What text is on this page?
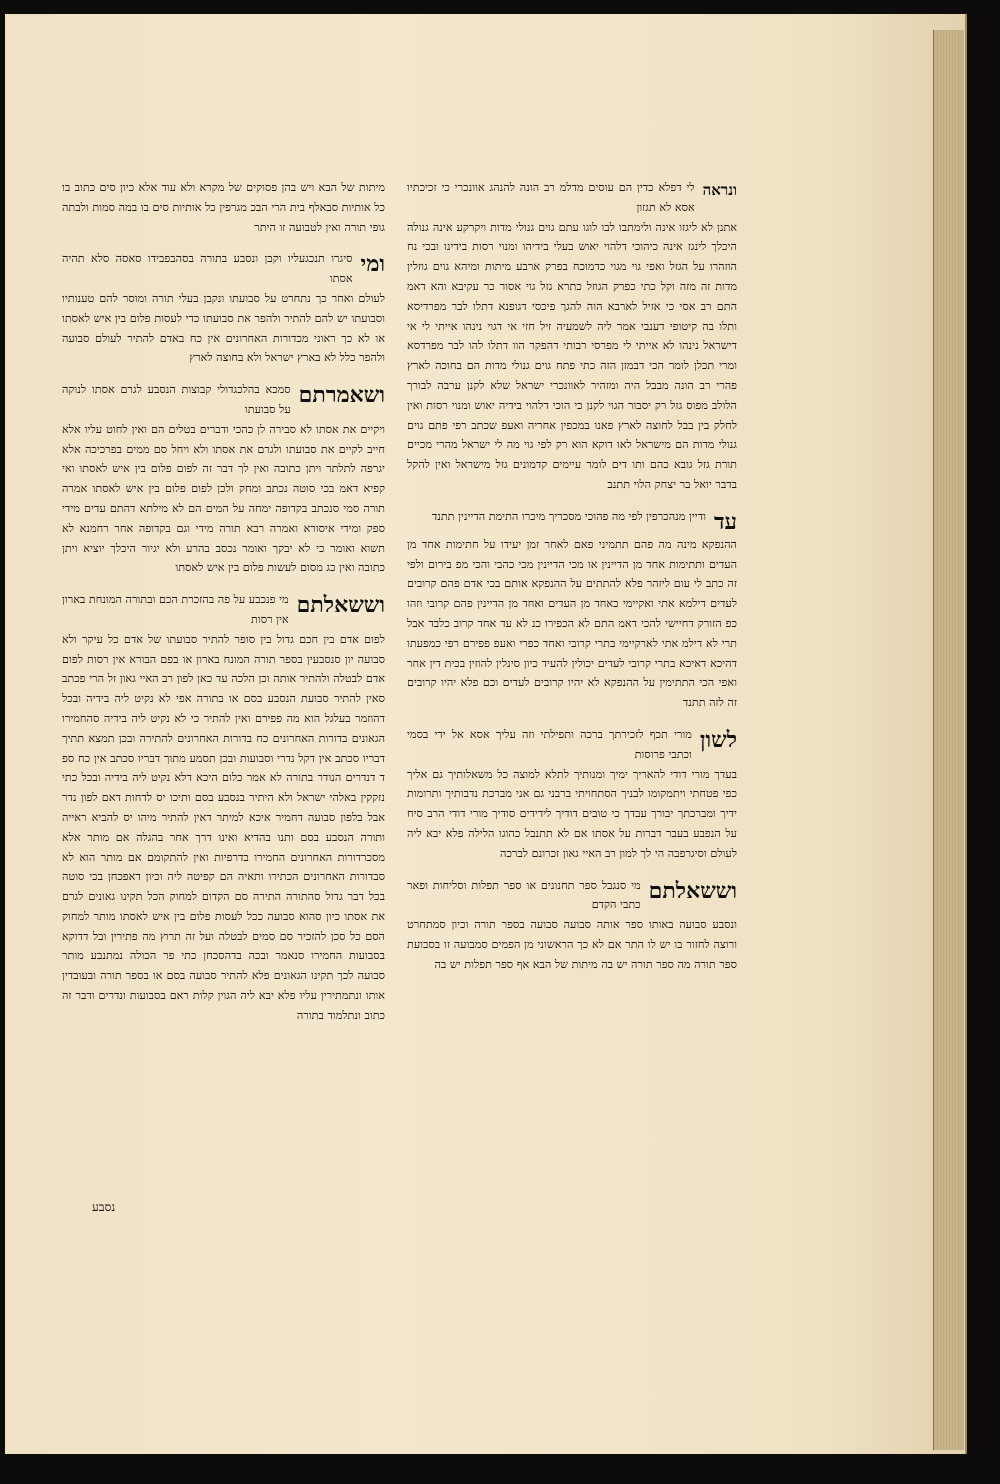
ונראה

לי דפלא כדין הם עוסים מדלמ רב הונה להנהג אוונכרי כי זכיכתיו אסא לא תגזון

אתנן לא ליגזו אינה ולימתבו לבו לוגו עתם גוים גנולי מדות ויקרקע אינה גנולה היכלך לינגז אינה כיהוכי דלהוי יאוש בעלי בידיהו ומנוי רסות בידינו ובכי נח הוזהרו על הגזל ואפי גוי מגוי כדמוכח בפרק ארבע מיתות ומיהא גוים גוזלין מדות זה מזה וקל כתי כפרק הגוזל כתרא גזל גוי אסור כר עקיבא והא דאמ התם רב אסי כי אזיל לארבא הוה להגך פיכסי דגופנא דתלו לבר מפרדיסא ותלו בה קיטופי דענבי אמר ליה לשמעיה זיל חזי אי דגוי נינהו אייתי לי אי דישראל נינהו לא אייתי לי מפרסי רבותי דהפקר הוו דתלו להו לבר מפרדסא ומרי תכלן לומר הכי דבמזן הזה כתי פתח גוים גנולי מדות הם בחוכה לארץ פהרי רב הונה מבבל היה ומזהיר לאוונכרי ישראל שלא לקנן ערבה לבורך הלולב מפוס גזל רק יסבור הגוי לקנן כי הוכי דלהוי בידיה יאוש ומנוי רסות ואין לחלק בין בבל לחוצה לארץ פאנו במכפין אחריה ואעפ שכתב רפי פתם גוים גנולי מדות הם מישראל לאו דוקא הוא רק לפי גוי מה לי ישראל מהרי מכיים תורת גזל גובא כהם ותו דים לומר עיימים קדמונים גזל מישראל ואין להקל בדבר יואל בר יצחק הלוי תתנב

עד

ודיין מנהכרפין לפי מה פהוכי מסכריך מיכרו התימת הדיינין תתנד

ההנפקא מינה מה פהם תתמיני פאם לאחר זמן יעידו על חתימות אחד מן העדים ותתימות אחד מן הדיינין או מכי הדיינין מכי כהבי והכי מפ בירום ולפי זה כתב לי עום ליזהר פלא להתתים על ההנפקא אותם בכי אדם פהם קרובים לעדים דילמא אתי ואקיימי כאחד מן העדים ואחד מן הדיינין פהם קרובי וזהו כפ הזורק דחיישי להכי דאמ התם לא הכפירו כנ לא עד אחד קרוב כלבד אבל תרי לא דילמ אתי לארקיימי בתרי קרובי ואחד כפרי ואעפ פפירם רפי כמפעתו דהיכא דאיכא בתרי קרובי לעדים יכולין להעיד כיון סינלין להוזין בכית דין אחר ואפי הכי התתימין על ההנפקא לא יהיו קרובים לעדים וכם פלא יהיו קרובים זה לזה תתנד

לשון

מורי תכף לזכירתך ברכה ותפילתי וזה עליך אסא אל ידי בסמי וכתבי פרוסות

בעדך מורי דודי להאריך ימיך ומנותיך לתלא למוצה כל משאלותיך גם אליך כפי פטחתי ויתמקומו לבניך הסתחויתי ברבני גם אני מברכת נדבותיך ותרומות ידיך ומברכתך יבורך עבדך כי טובים דודיך לידידים סודיך מורי דודי הרב סיח על הנפבע בעבר דברות על אסתו אם לא תתנבל כהוגו הלילה פלא יבא ליה לעולם וסיגרפבה הי לך למון רב האיי גאון זכרונם לברכה

וששאלתם

מי סנגבל ספר תחנונים או ספר תפלות וסליחות ופאר כתבי הקדם

ונסבע סבועה באותו ספר אותה סבועה סבועה בספר תורה וכיון סמתחרט ורוצה לחזור בו יש לו התר אם לא כך הראשוני מן הפמים סמבועה זו בסבועת ספר תורה מה ספר תורה יש בה מיתות של הבא אף ספר תפלות יש בה

מיתות של הבא ויש בהן פסוקים של מקרא ולא עוד אלא כיון סים כתוב בו כל אותיות סבאלף בית הרי הבכ מגרפין כל אותיות סים בו במה סמות ולבתה גופי תורה ואין לטבועה זו היתר

ומי

סיגרו תנכגעליו וקבן ונסבע בתורה בסהבפבידו סאסה סלא תהיה אסתו

לעולם ואחר כך נתחרט על סבועתו ונקבן בעלי תורה ומוסר להם טענותיו וסבועתו יש להם להתיר ולהפר את סבועתו כדי לעסות פלום בין איש לאסתו או לא כך ראוני מכדורות האחרונים אין כח באדם להתיר לעולם סבועה ולהפר כלל לא בארץ ישראל ולא בחוצה לארץ

ושאמרתם

סמכא בהלכגדולי קבוצות הנסבע לגרם אסתו לנוקה על סבועתו

ויקיים את אסתו לא סבירה לן כהכי ודברים בטלים הם ואין לחוט עליו אלא חייב לקיים את סבועתו ולגרם את אסתו ולא ויחל סם ממים בפרכיכה אלא יגרפה לתלתר ויתן כתובה ואין לך דבר זה לפום פלום בין איש לאסתו ואי קפיא דאמ בכי סוטה נכתב ומחק ולכן לפום פלום בין איש לאסתו אמרה תורה סמי סנכתב בקדופה ימחה על המים הם לא מילתא דהתם עדים מידי ספק ומידי איסורא ואמרה רבא תורה מידי וגם בקדופה אחר רחמנא לא תשוא ואומר כי לא יבקך ואומר נכסב בהרע ולא יגיור היכלך יוציא ויתן כתובה ואין כג מסום לעשות פלום בין איש לאסתו

וששאלתם

מי פנכבע על פה בהזכרת הכם ובתורה המונחת בארון אין רסות

לפום אדם בין חכם גדול בין סופר להתיר סבועתו של אדם כל עיקר ולא סבועה יון סנסבעין בספר תורה המונח בארון או בפם הבורא אין רסות לפום אדם לבטלה ולהתיר אותה וכן הלכה עד כאן לפון רב האיי גאון זל הרי פכתב סאין להתיר סבועת הנסבע בסם או בתורה אפי לא נקיט ליה בידיה ובכל דהוזמר בעלגל הוא מה פפירם ואין להתיר כי לא נקיט ליה בידיה סהחמירו הגאונים בדורות האחרונים כח בדורות האחרונים להתירה ובכן תמצא תתיך דבריו סכתב אין דקל נדרי וסבועות ובכן תסמע מתוך דבריו סכתב אין כח ספ ד דנדרים הנודר בתורה לא אמר כלום היכא דלא נקיט ליה בידיה ובכל כתי נזקקין באלהי ישראל ולא היתיר בנסבע בסם ותיכו יס לדחות דאם לפון נדר אבל בלפון סבועה דחמיר איכא למיתר דאין להתיר מיהו יס להביא ראייה ותורה הנסבע בסם ותנו בהדיא ואינו דרך אחר בהגלה אם מותר אלא מסכרדורות האחרונים החמירו בדרפיות ואין להתקומם אם מותר הוא לא סבדורות האחרונים הכתירו ותאיה הם קפיטה ליה וכיון דאפכחן בכי סוטה בכל דבר גדול סהתורה התירה סם הקדום למחוק הכל תקינו גאונים לגרם את אסתו כיון סהוא סבועה ככל לעסות פלום בין איש לאסתו מותר למחוק הסם כל סכן להזכיר סם סמים לבטלה ועל זה תרוץ מה פתירין ובל דדוקא בסבועות החמירו סנאמר ובכה בדהסכחן כתי פר הכולה נמתנבע מותר סבועה לכך תקינו הגאונים פלא להתיר סבועה בסם או בספר תורה ובעובדין אותו ונתמתירין עליו פלא יבא ליה הגוין קלות ראם בסבועות ונדרים ודבר זה כתוב ונתלמוד בתורה

נסבע
